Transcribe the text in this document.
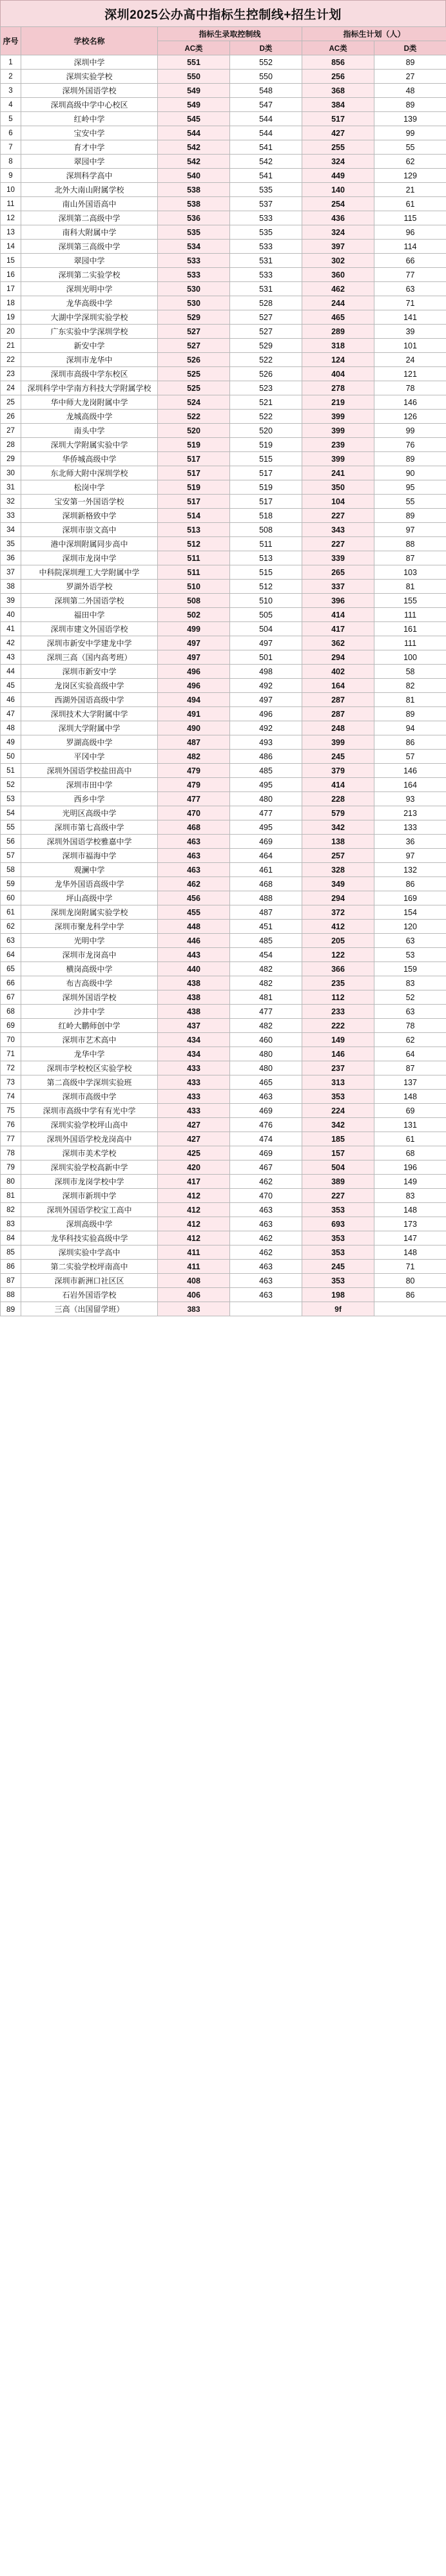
深圳2025公办高中指标生控制线+招生计划
序号	学校名称	指标生录取控制线		指标生计划（人）	
		AC类	D类	AC类	D类
1	深圳中学	551	552	856	89
2	深圳实验学校	550	550	256	27
3	深圳外国语学校	549	548	368	48
4	深圳高级中学中心校区	549	547	384	89
5	红岭中学	545	544	517	139
6	宝安中学	544	544	427	99
7	育才中学	542	541	255	55
8	翠园中学	542	542	324	62
9	深圳科学高中	540	541	449	129
10	北外大南山附属学校	538	535	140	21
11	南山外国语高中	538	537	254	61
12	深圳第二高级中学	536	533	436	115
13	南科大附属中学	535	535	324	96
14	深圳第三高级中学	534	533	397	114
15	翠园中学	533	531	302	66
16	深圳第二实验学校	533	533	360	77
17	深圳光明中学	530	531	462	63
18	龙华高级中学	530	528	244	71
19	大湖中学深圳实验学校	529	527	465	141
20	广东实验中学深圳学校	527	527	289	39
21	新安中学	527	529	318	101
22	深圳市龙华中	526	522	124	24
23	深圳市高级中学东校区	525	526	404	121
24	深圳科学中学南方科技大学附属学校	525	523	278	78
25	华中师大龙岗附属中学	524	521	219	146
26	龙城高级中学	522	522	399	126
27	南头中学	520	520	399	99
28	深圳大学附属实验中学	519	519	239	76
29	华侨城高级中学	517	515	399	89
30	东北师大附中深圳学校	517	517	241	90
31	松岗中学	519	519	350	95
32	宝安第一外国语学校	517	517	104	55
33	深圳新格致中学	514	518	227	89
34	深圳市崇文高中	513	508	343	97
35	港中深圳附属同步高中	512	511	227	88
36	深圳市龙岗中学	511	513	339	87
37	中科院深圳理工大学附属中学	511	515	265	103
38	罗湖外语学校	510	512	337	81
39	深圳第二外国语学校	508	510	396	155
40	福田中学	502	505	414	111
41	深圳市建文外国语学校	499	504	417	161
42	深圳市新安中学建龙中学	497	497	362	111
43	深圳三高（国内高考班）	497	501	294	100
44	深圳市新安中学	496	498	402	58
45	龙岗区实验高级中学	496	492	164	82
46	西湖外国语高级中学	494	497	287	81
47	深圳技术大学附属中学	491	496	287	89
48	深圳大学附属中学	490	492	248	94
49	罗湖高级中学	487	493	399	86
50	平冈中学	482	486	245	57
51	深圳外国语学校盐田高中	479	485	379	146
52	深圳市田中学	479	495	414	164
53	西乡中学	477	480	228	93
54	光明区高级中学	470	477	579	213
55	深圳市第七高级中学	468	495	342	133
56	深圳外国语学校雅嘉中学	463	469	138	36
57	深圳市福海中学	463	464	257	97
58	观澜中学	463	461	328	132
59	龙华外国语高级中学	462	468	349	86
60	坪山高级中学	456	488	294	169
61	深圳龙岗附属实验学校	455	487	372	154
62	深圳市聚龙科学中学	448	451	412	120
63	光明中学	446	485	205	63
64	深圳市龙岗高中	443	454	122	53
65	横岗高级中学	440	482	366	159
66	布吉高级中学	438	482	235	83
67	深圳外国语学校	438	481	112	52
68	沙井中学	438	477	233	63
69	红岭大鹏师创中学	437	482	222	78
70	深圳市艺术高中	434	460	149	62
71	龙华中学	434	480	146	64
72	深圳市学校校区实验学校	433	480	237	87
73	第二高级中学深圳实验班	433	465	313	137
74	深圳市高级中学	433	463	353	148
75	深圳市高级中学有有光中学	433	469	224	69
76	深圳实验学校坪山高中	427	476	342	131
77	深圳外国语学校龙岗高中	427	474	185	61
78	深圳市美术学校	425	469	157	68
79	深圳实验学校高新中学	420	467	504	196
80	深圳市龙岗学校中学	417	462	389	149
81	深圳市新圳中学	412	470	227	83
82	深圳外国语学校宝工高中	412	463	353	148
83	深圳高级中学	412	463	693	173
84	龙华科技实验高级中学	412	462	353	147
85	深圳实验中学高中	411	462	353	148
86	第二实验学校坪南高中	411	463	245	71
87	深圳市新洲口社区区	408	463	353	80
88	石岩外国语学校	406	463	198	86
89	三高（出国留学班）	383		9f	
